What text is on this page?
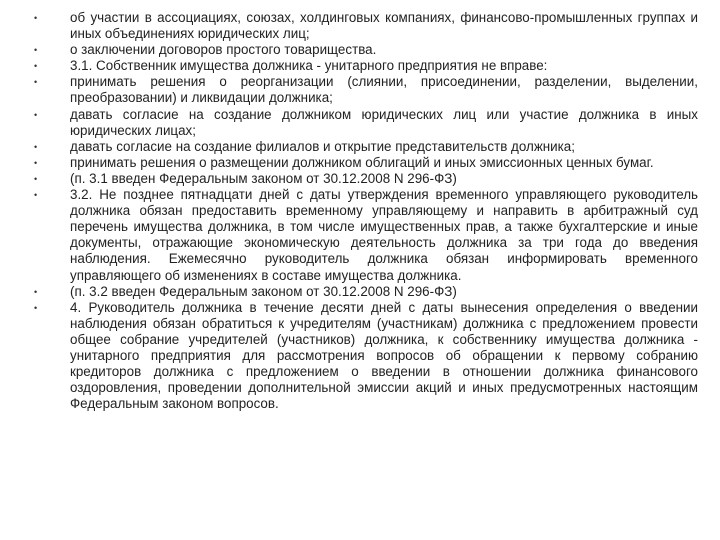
•	об участии в ассоциациях, союзах, холдинговых компаниях, финансово-промышленных группах и иных объединениях юридических лиц;
•	о заключении договоров простого товарищества.
•	3.1. Собственник имущества должника - унитарного предприятия не вправе:
•	принимать решения о реорганизации (слиянии, присоединении, разделении, выделении, преобразовании) и ликвидации должника;
•	давать согласие на создание должником юридических лиц или участие должника в иных юридических лицах;
•	давать согласие на создание филиалов и открытие представительств должника;
•	принимать решения о размещении должником облигаций и иных эмиссионных ценных бумаг.
•	(п. 3.1 введен Федеральным законом от 30.12.2008 N 296-ФЗ)
•	3.2. Не позднее пятнадцати дней с даты утверждения временного управляющего руководитель должника обязан предоставить временному управляющему и направить в арбитражный суд перечень имущества должника, в том числе имущественных прав, а также бухгалтерские и иные документы, отражающие экономическую деятельность должника за три года до введения наблюдения. Ежемесячно руководитель должника обязан информировать временного управляющего об изменениях в составе имущества должника.
•	(п. 3.2 введен Федеральным законом от 30.12.2008 N 296-ФЗ)
•	4. Руководитель должника в течение десяти дней с даты вынесения определения о введении наблюдения обязан обратиться к учредителям (участникам) должника с предложением провести общее собрание учредителей (участников) должника, к собственнику имущества должника - унитарного предприятия для рассмотрения вопросов об обращении к первому собранию кредиторов должника с предложением о введении в отношении должника финансового оздоровления, проведении дополнительной эмиссии акций и иных предусмотренных настоящим Федеральным законом вопросов.
